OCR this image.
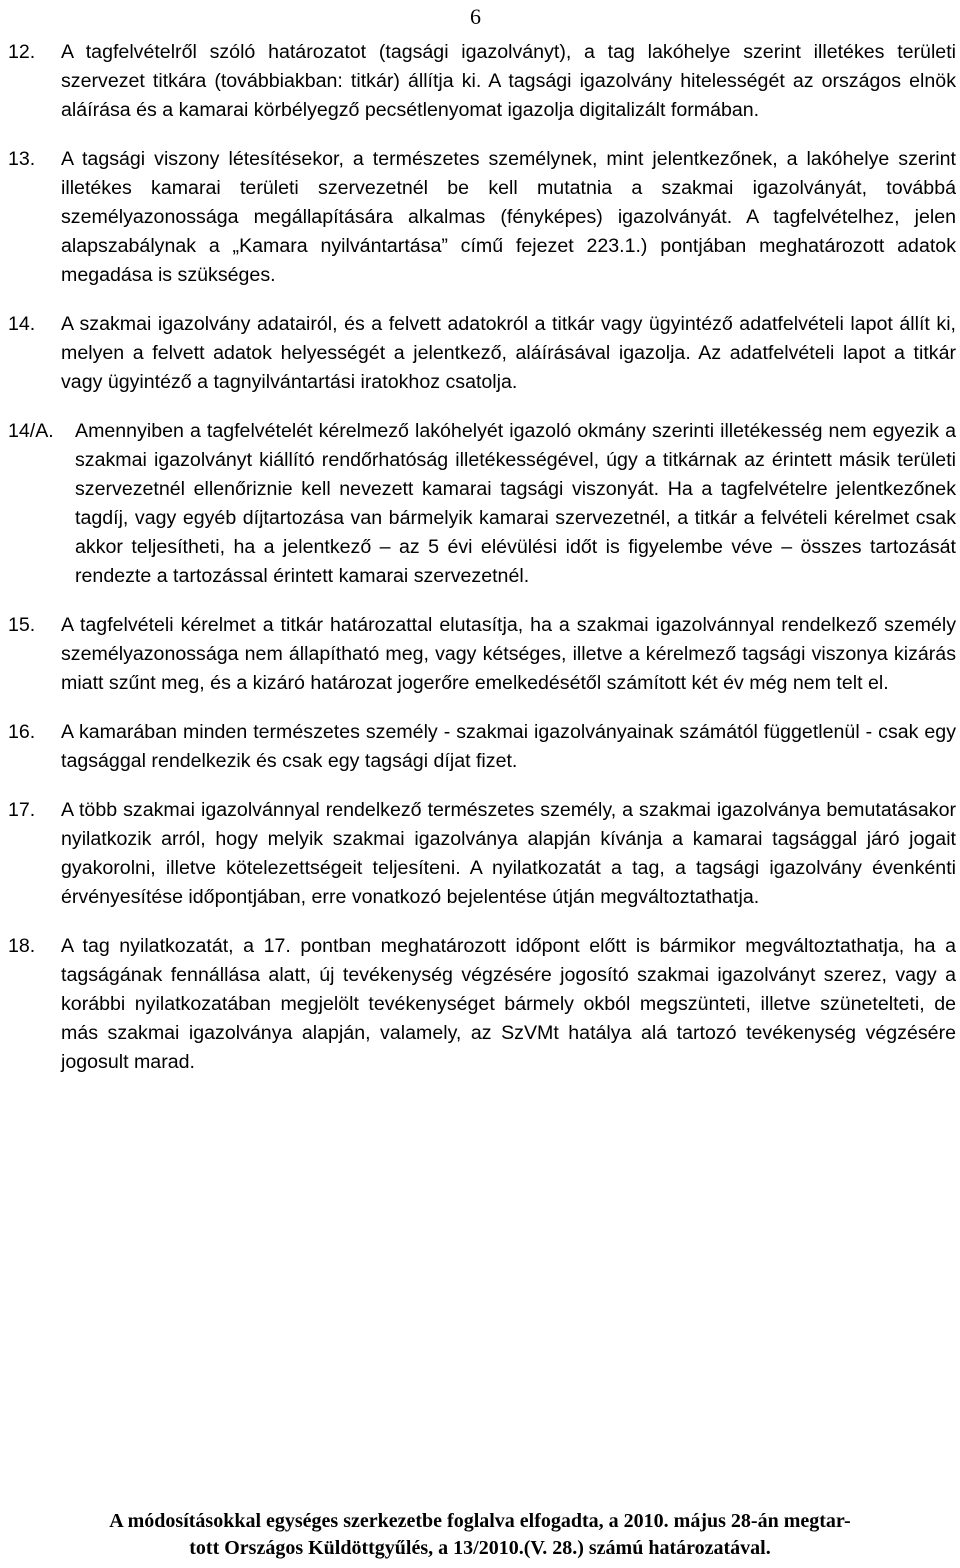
6
12. A tagfelvételről szóló határozatot (tagsági igazolványt), a tag lakóhelye szerint illetékes területi szervezet titkára (továbbiakban: titkár) állítja ki. A tagsági igazolvány hitelességét az országos elnök aláírása és a kamarai körbélyegző pecsétlenyomat igazolja digitalizált formában.
13. A tagsági viszony létesítésekor, a természetes személynek, mint jelentkezőnek, a lakóhelye szerint illetékes kamarai területi szervezetnél be kell mutatnia a szakmai igazolványát, továbbá személyazonossága megállapítására alkalmas (fényképes) igazolványát. A tagfelvételhez, jelen alapszabálynak a „Kamara nyilvántartása” című fejezet 223.1.) pontjában meghatározott adatok megadása is szükséges.
14. A szakmai igazolvány adatairól, és a felvett adatokról a titkár vagy ügyintéző adatfelvételi lapot állít ki, melyen a felvett adatok helyességét a jelentkező, aláírásával igazolja. Az adatfelvételi lapot a titkár vagy ügyintéző a tagnyilvántartási iratokhoz csatolja.
14/A. Amennyiben a tagfelvételét kérelmező lakóhelyét igazoló okmány szerinti illetékesség nem egyezik a szakmai igazolványt kiállító rendőrhatóság illetékességével, úgy a titkárnak az érintett másik területi szervezetnél ellenőriznie kell nevezett kamarai tagsági viszonyát. Ha a tagfelvételre jelentkezőnek tagdíj, vagy egyéb díjtartozása van bármelyik kamarai szervezetnél, a titkár a felvételi kérelmet csak akkor teljesítheti, ha a jelentkező – az 5 évi elévülési időt is figyelembe véve – összes tartozását rendezte a tartozással érintett kamarai szervezetnél.
15. A tagfelvételi kérelmet a titkár határozattal elutasítja, ha a szakmai igazolvánnyal rendelkező személy személyazonossága nem állapítható meg, vagy kétséges, illetve a kérelmező tagsági viszonya kizárás miatt szűnt meg, és a kizáró határozat jogerőre emelkedésétől számított két év még nem telt el.
16. A kamarában minden természetes személy - szakmai igazolványainak számától függetlenül - csak egy tagsággal rendelkezik és csak egy tagsági díjat fizet.
17. A több szakmai igazolvánnyal rendelkező természetes személy, a szakmai igazolványa bemutatásakor nyilatkozik arról, hogy melyik szakmai igazolványa alapján kívánja a kamarai tagsággal járó jogait gyakorolni, illetve kötelezettségeit teljesíteni. A nyilatkozatát a tag, a tagsági igazolvány évenkénti érvényesítése időpontjában, erre vonatkozó bejelentése útján megváltoztathatja.
18. A tag nyilatkozatát, a 17. pontban meghatározott időpont előtt is bármikor megváltoztathatja, ha a tagságának fennállása alatt, új tevékenység végzésére jogosító szakmai igazolványt szerez, vagy a korábbi nyilatkozatában megjelölt tevékenységet bármely okból megszünteti, illetve szünetelteti, de más szakmai igazolványa alapján, valamely, az SzVMt hatálya alá tartozó tevékenység végzésére jogosult marad.
A módosításokkal egységes szerkezetbe foglalva elfogadta, a 2010. május 28-án megtar-
tott Országos Küldöttgyűlés, a 13/2010.(V. 28.) számú határozatával.
